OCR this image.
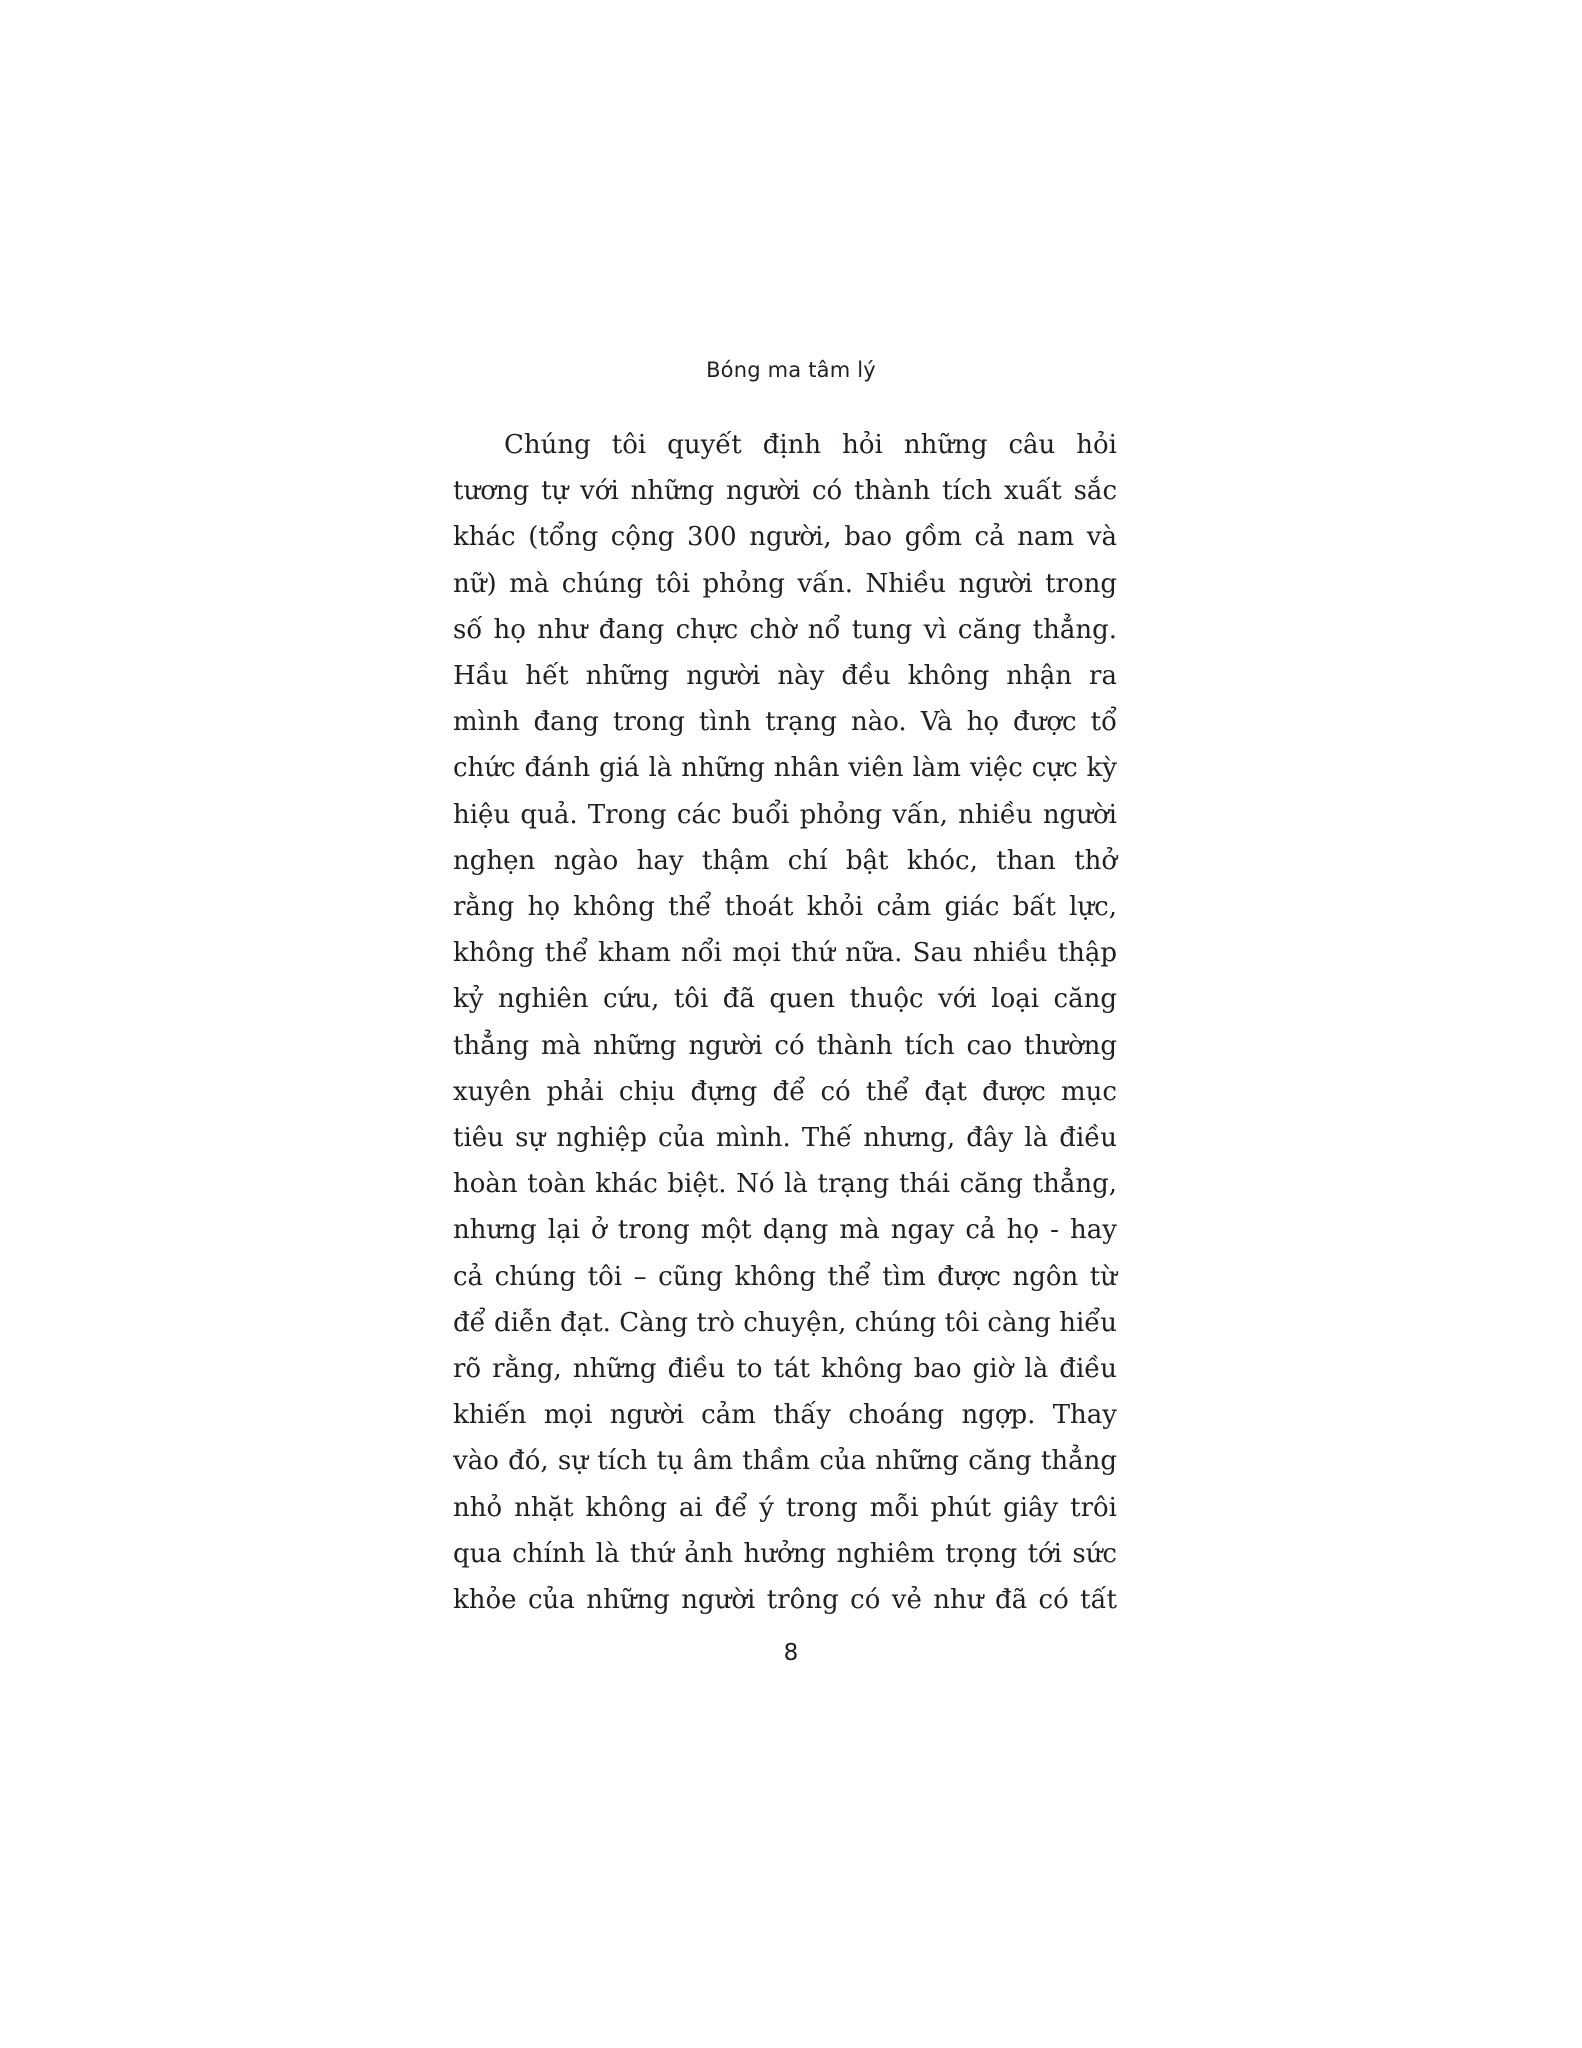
Bóng ma tâm lý
Chúng tôi quyết định hỏi những câu hỏi
tương tự với những người có thành tích xuất sắc
khác (tổng cộng 300 người, bao gồm cả nam và
nữ) mà chúng tôi phỏng vấn. Nhiều người trong
số họ như đang chực chờ nổ tung vì căng thẳng.
Hầu hết những người này đều không nhận ra
mình đang trong tình trạng nào. Và họ được tổ
chức đánh giá là những nhân viên làm việc cực kỳ
hiệu quả. Trong các buổi phỏng vấn, nhiều người
nghẹn ngào hay thậm chí bật khóc, than thở
rằng họ không thể thoát khỏi cảm giác bất lực,
không thể kham nổi mọi thứ nữa. Sau nhiều thập
kỷ nghiên cứu, tôi đã quen thuộc với loại căng
thẳng mà những người có thành tích cao thường
xuyên phải chịu đựng để có thể đạt được mục
tiêu sự nghiệp của mình. Thế nhưng, đây là điều
hoàn toàn khác biệt. Nó là trạng thái căng thẳng,
nhưng lại ở trong một dạng mà ngay cả họ - hay
cả chúng tôi – cũng không thể tìm được ngôn từ
để diễn đạt. Càng trò chuyện, chúng tôi càng hiểu
rõ rằng, những điều to tát không bao giờ là điều
khiến mọi người cảm thấy choáng ngợp. Thay
vào đó, sự tích tụ âm thầm của những căng thẳng
nhỏ nhặt không ai để ý trong mỗi phút giây trôi
qua chính là thứ ảnh hưởng nghiêm trọng tới sức
khỏe của những người trông có vẻ như đã có tất
8
